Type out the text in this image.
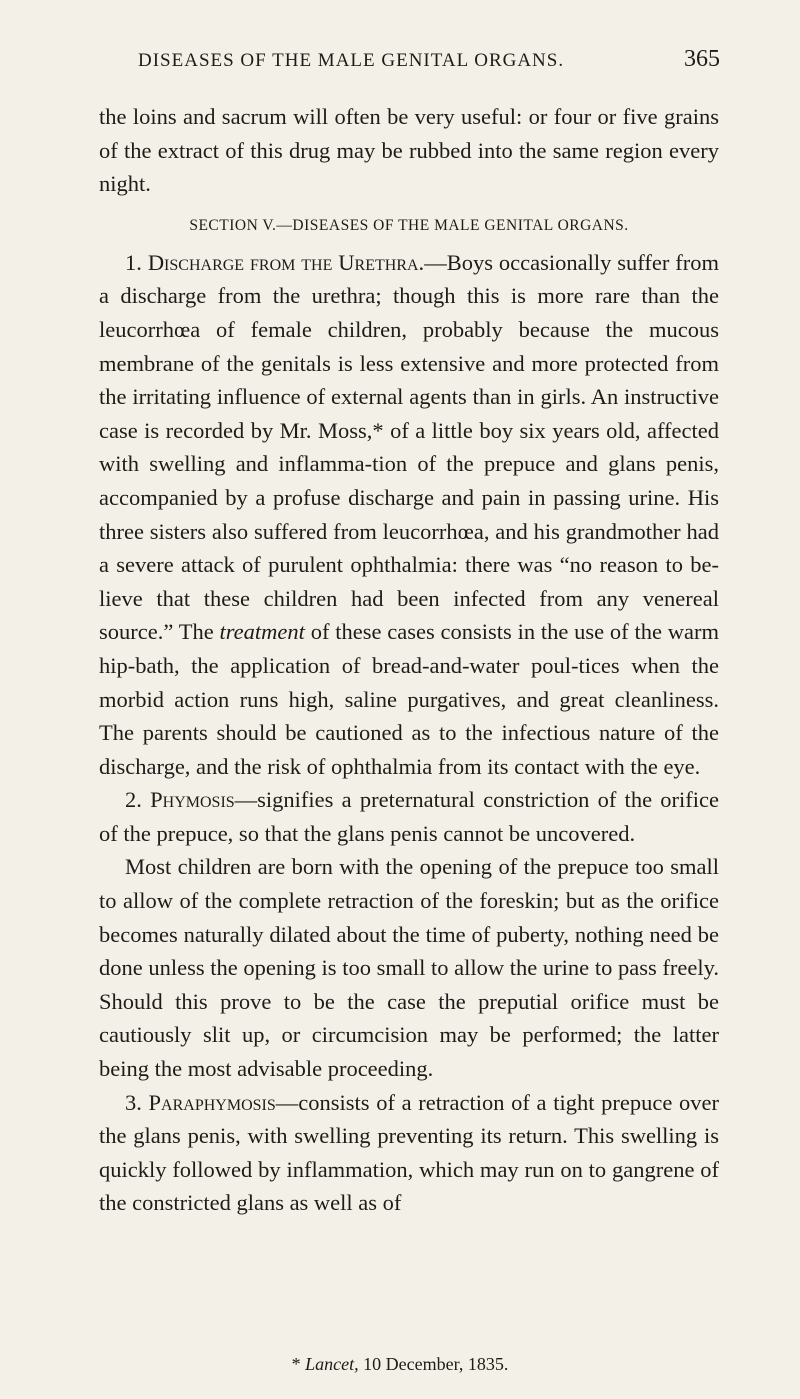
DISEASES OF THE MALE GENITAL ORGANS.	365

the loins and sacrum will often be very useful: or four or five grains of the extract of this drug may be rubbed into the same region every night.

SECTION V.—DISEASES OF THE MALE GENITAL ORGANS.

1. Discharge from the Urethra.—Boys occasionally suffer from a discharge from the urethra; though this is more rare than the leucorrhœa of female children, probably because the mucous membrane of the genitals is less extensive and more protected from the irritating influence of external agents than in girls. An instructive case is recorded by Mr. Moss,* of a little boy six years old, affected with swelling and inflamma-tion of the prepuce and glans penis, accompanied by a profuse discharge and pain in passing urine. His three sisters also suffered from leucorrhœa, and his grandmother had a severe attack of purulent ophthalmia: there was “no reason to be-lieve that these children had been infected from any venereal source.” The treatment of these cases consists in the use of the warm hip-bath, the application of bread-and-water poul-tices when the morbid action runs high, saline purgatives, and great cleanliness. The parents should be cautioned as to the infectious nature of the discharge, and the risk of ophthalmia from its contact with the eye.

2. Phymosis—signifies a preternatural constriction of the orifice of the prepuce, so that the glans penis cannot be uncovered.

Most children are born with the opening of the prepuce too small to allow of the complete retraction of the foreskin; but as the orifice becomes naturally dilated about the time of puberty, nothing need be done unless the opening is too small to allow the urine to pass freely. Should this prove to be the case the preputial orifice must be cautiously slit up, or circumcision may be performed; the latter being the most advisable proceeding.

3. Paraphymosis—consists of a retraction of a tight prepuce over the glans penis, with swelling preventing its return. This swelling is quickly followed by inflammation, which may run on to gangrene of the constricted glans as well as of

* Lancet, 10 December, 1835.
